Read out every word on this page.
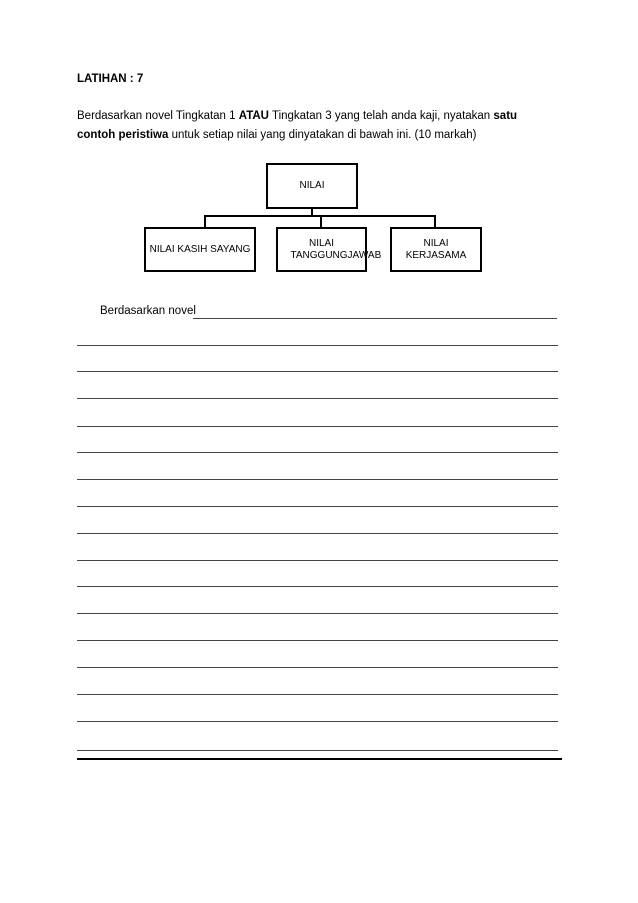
LATIHAN : 7
Berdasarkan novel Tingkatan 1 ATAU Tingkatan 3 yang telah anda kaji, nyatakan satu contoh peristiwa untuk setiap nilai yang dinyatakan di bawah ini. (10 markah)
NILAI
NILAI KASIH SAYANG
NILAI TANGGUNGJAWAB
NILAI KERJASAMA
Berdasarkan novel
